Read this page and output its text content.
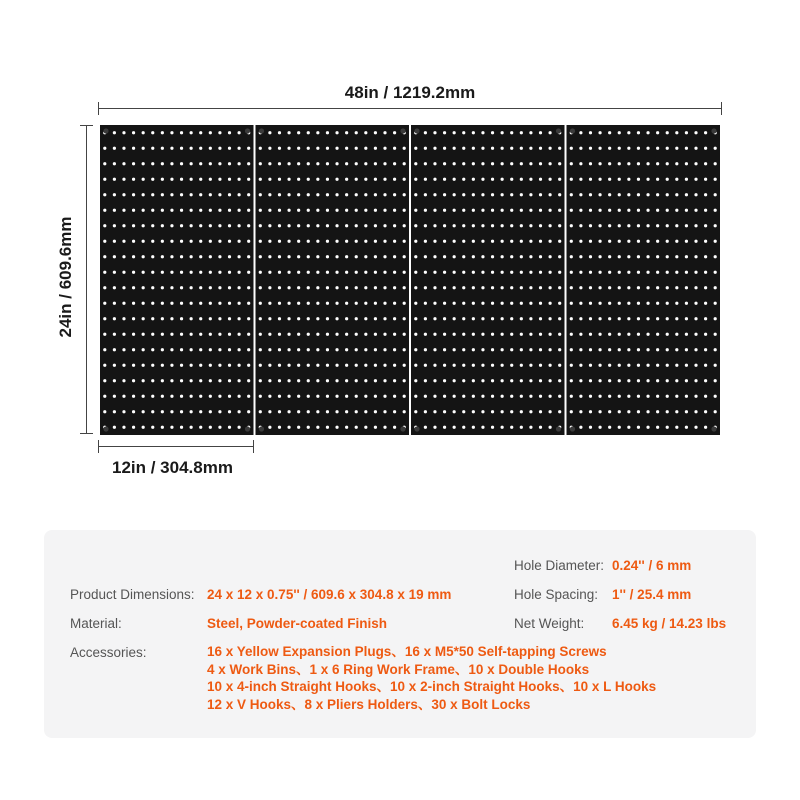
48in / 1219.2mm
24in / 609.6mm
12in / 304.8mm
Hole Diameter: 0.24'' / 6 mm
Product Dimensions: 24 x 12 x 0.75'' / 609.6 x 304.8 x 19 mm	Hole Spacing: 1'' / 25.4 mm
Material:	Steel, Powder-coated Finish	Net Weight: 6.45 kg / 14.23 lbs
Accessories:	16 x Yellow Expansion Plugs、16 x M5*50 Self-tapping Screws
4 x Work Bins、1 x 6 Ring Work Frame、10 x Double Hooks
10 x 4-inch Straight Hooks、10 x 2-inch Straight Hooks、10 x L Hooks
12 x V Hooks、8 x Pliers Holders、30 x Bolt Locks
